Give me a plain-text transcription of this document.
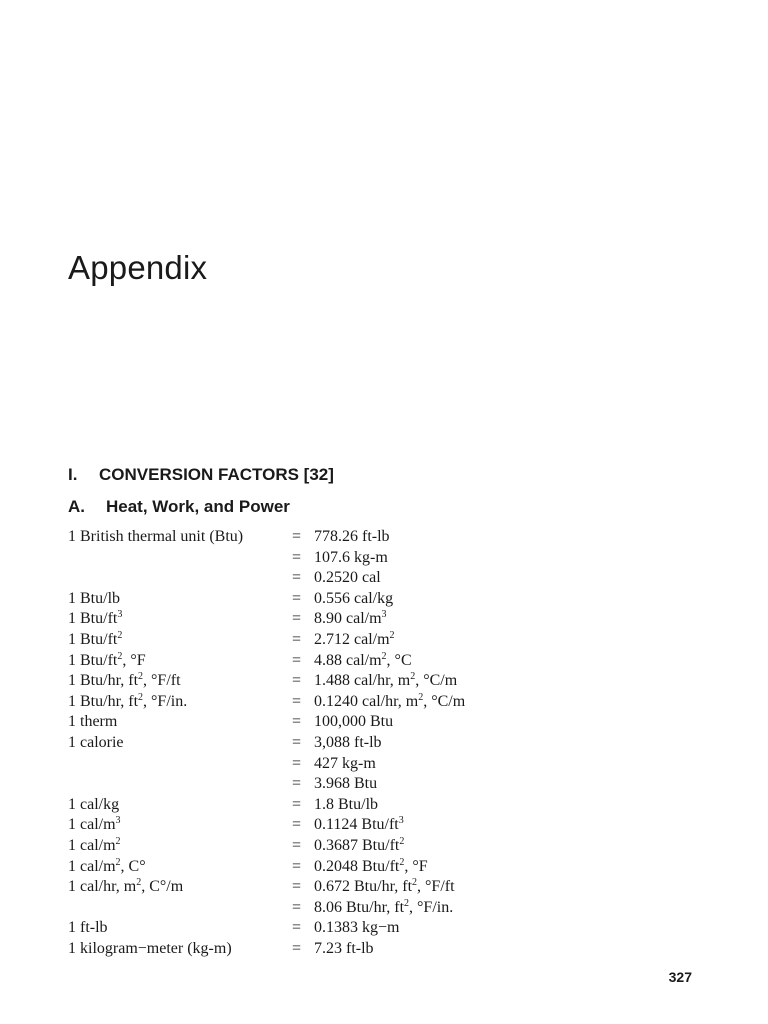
Appendix
I. CONVERSION FACTORS [32]
A. Heat, Work, and Power
1 British thermal unit (Btu)	= 778.26 ft-lb
= 107.6 kg-m
= 0.2520 cal
1 Btu/lb	= 0.556 cal/kg
1 Btu/$ft^3$	= 8.90 cal/$m^3$
1 Btu/$ft^2$	= 2.712 cal/$m^2$
1 Btu/$ft^2$, °F	= 4.88 cal/$m^2$, °C
1 Btu/hr, $ft^2$, °F/ft	= 1.488 cal/hr, $m^2$, °C/m
1 Btu/hr, $ft^2$, °F/in.	= 0.1240 cal/hr, $m^2$, °C/m
1 therm	= 100,000 Btu
1 calorie	= 3,088 ft-lb
= 427 kg-m
= 3.968 Btu
1 cal/kg	= 1.8 Btu/lb
1 cal/$m^3$	= 0.1124 Btu/$ft^3$
1 cal/$m^2$	= 0.3687 Btu/$ft^2$
1 cal/$m^2$, C°	= 0.2048 Btu/$ft^2$, °F
1 cal/hr, $m^2$, C°/m	= 0.672 Btu/hr, $ft^2$, °F/ft
= 8.06 Btu/hr, $ft^2$, °F/in.
1 ft-lb	= 0.1383 kg−m
1 kilogram−meter (kg-m)	= 7.23 ft-lb
327
